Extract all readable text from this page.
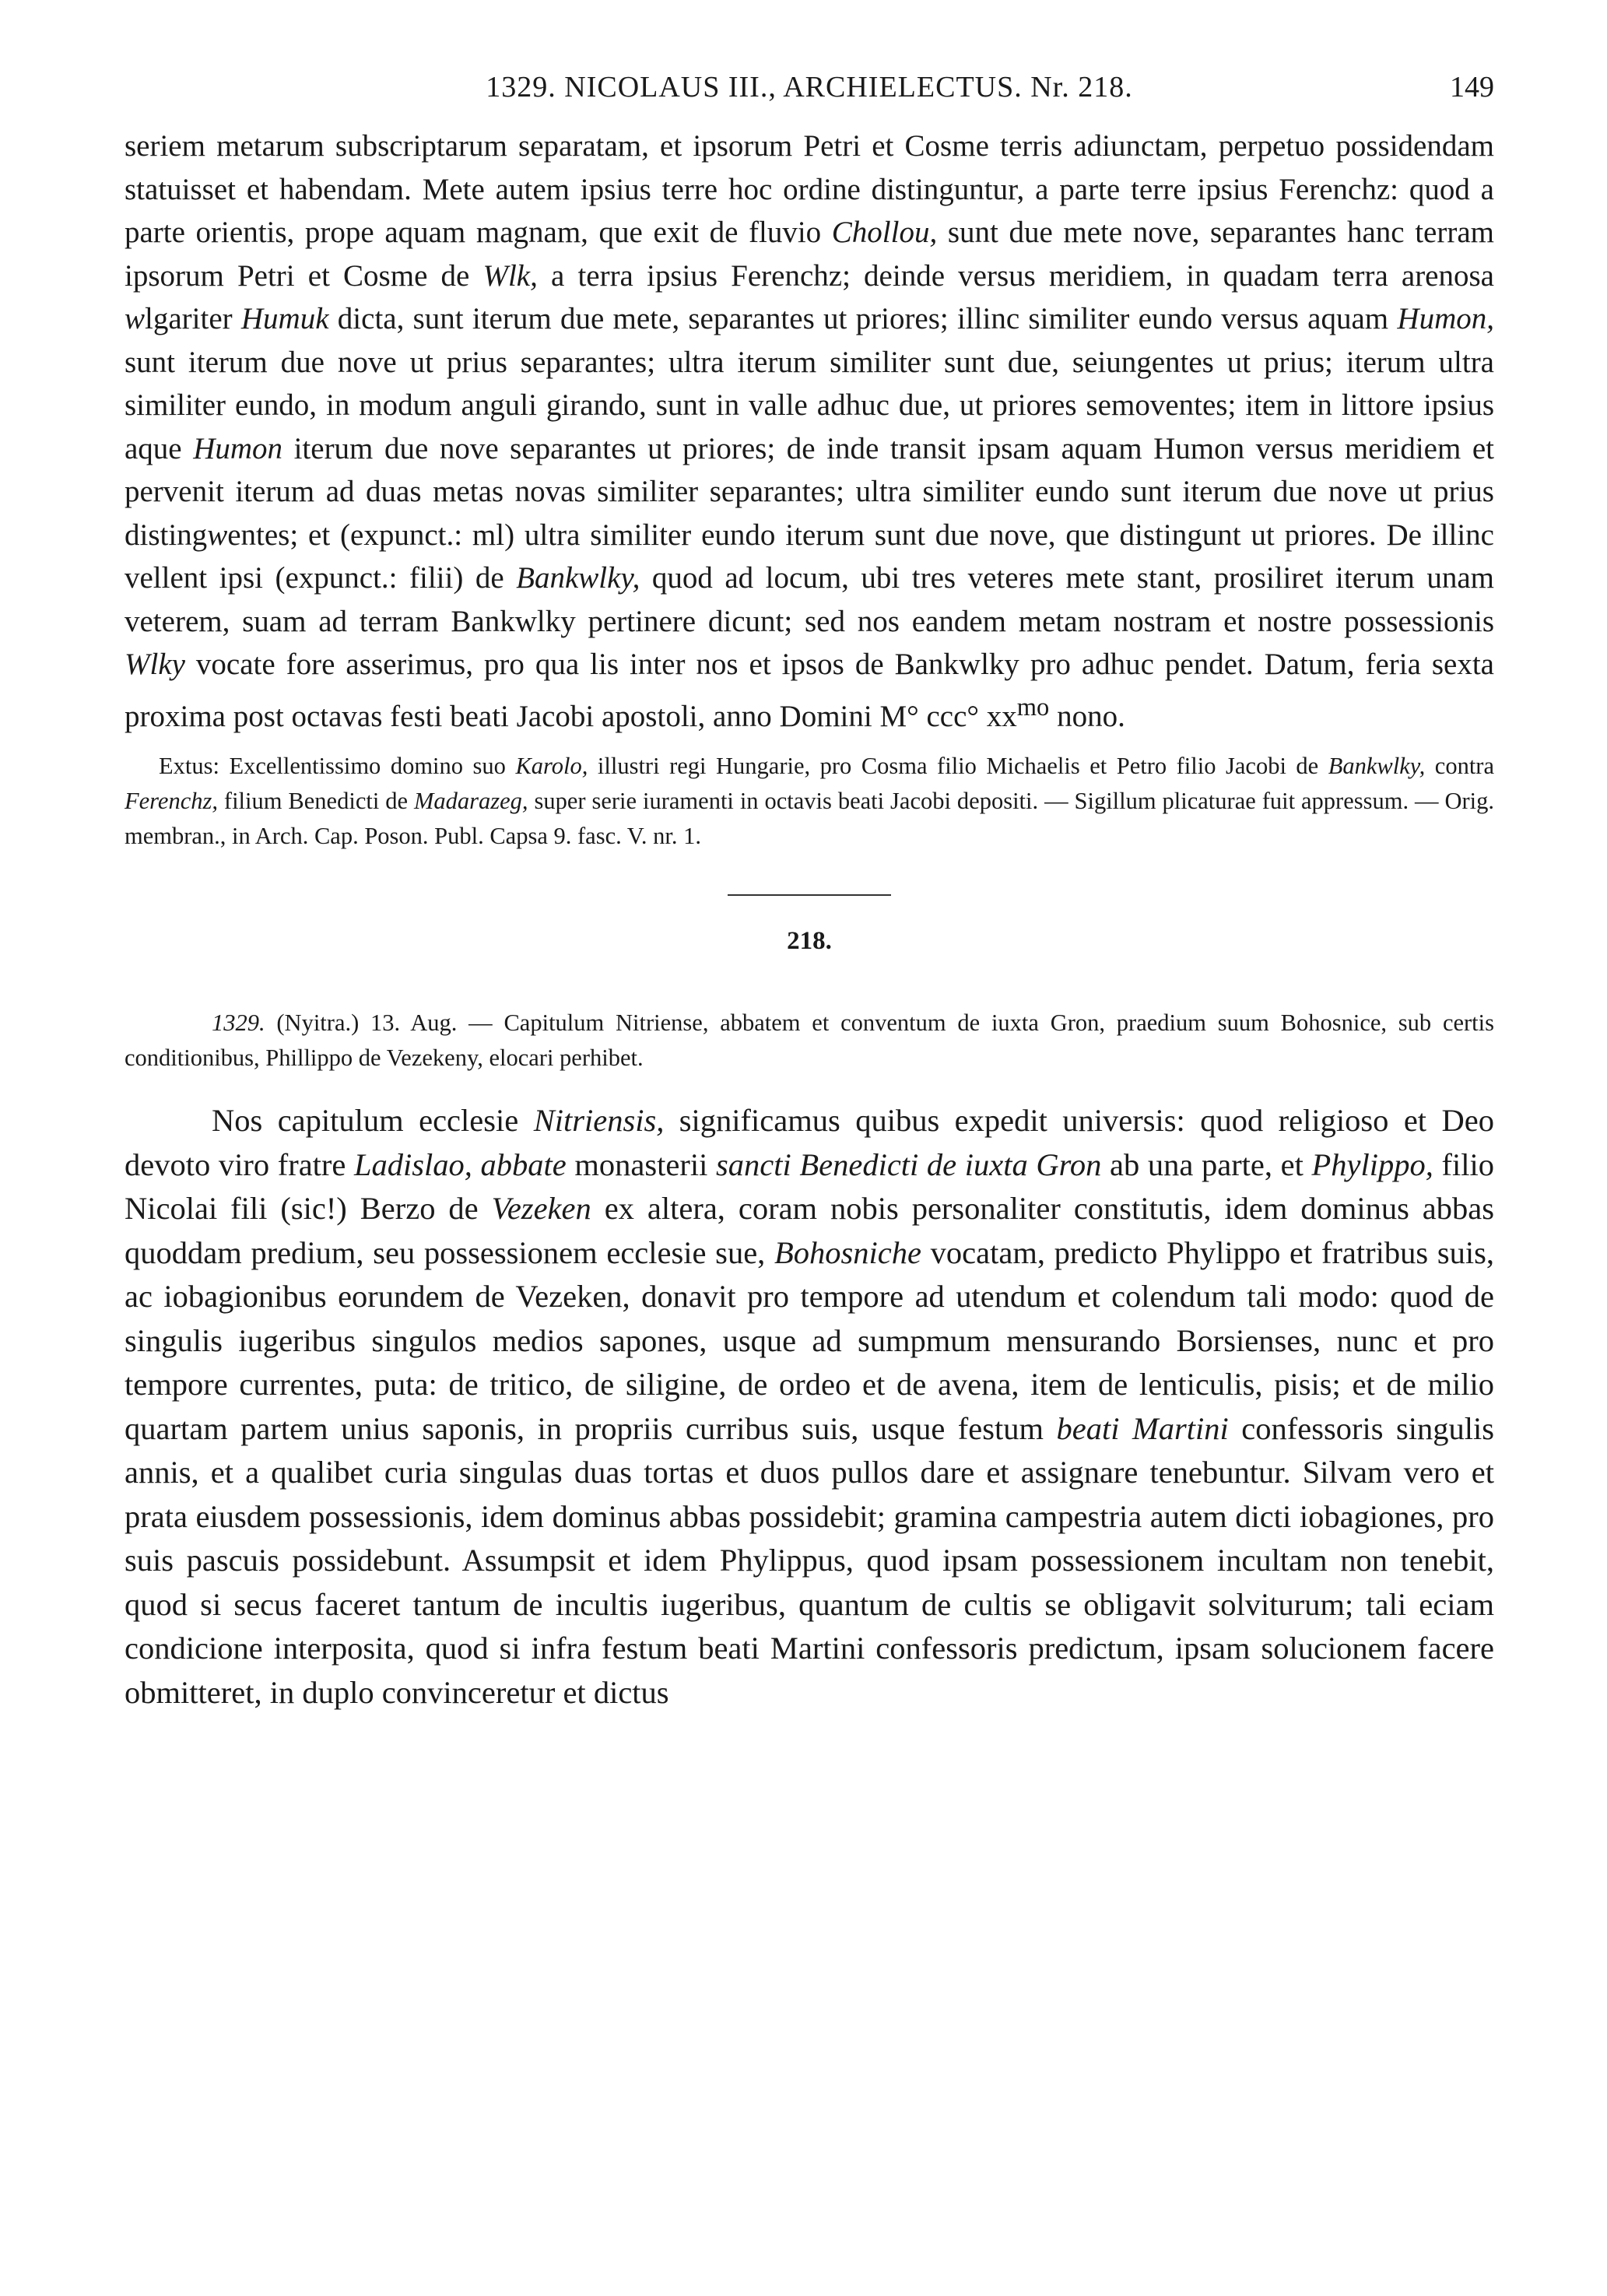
1329. NICOLAUS III., ARCHIELECTUS. Nr. 218.	149

seriem metarum subscriptarum separatam, et ipsorum Petri et Cosme terris adiunctam, perpetuo possidendam statuisset et habendam. Mete autem ipsius terre hoc ordine distinguntur, a parte terre ipsius Ferenchz: quod a parte orientis, prope aquam magnam, que exit de fluvio Chollou, sunt due mete nove, separantes hanc terram ipsorum Petri et Cosme de Wlk, a terra ipsius Ferenchz; deinde versus meridiem, in quadam terra arenosa wlgariter Humuk dicta, sunt iterum due mete, separantes ut priores; illinc similiter eundo versus aquam Humon, sunt iterum due nove ut prius separantes; ultra iterum similiter sunt due, seiungentes ut prius; iterum ultra similiter eundo, in modum anguli girando, sunt in valle adhuc due, ut priores semoventes; item in littore ipsius aque Humon iterum due nove separantes ut priores; de inde transit ipsam aquam Humon versus meridiem et pervenit iterum ad duas metas novas similiter separantes; ultra similiter eundo sunt iterum due nove ut prius distingwentes; et (expunct.: ml) ultra similiter eundo iterum sunt due nove, que distingunt ut priores. De illinc vellent ipsi (expunct.: filii) de Bankwlky, quod ad locum, ubi tres veteres mete stant, prosiliret iterum unam veterem, suam ad terram Bankwlky pertinere dicunt; sed nos eandem metam nostram et nostre possessionis Wlky vocate fore asserimus, pro qua lis inter nos et ipsos de Bankwlky pro adhuc pendet. Datum, feria sexta proxima post octavas festi beati Jacobi apostoli, anno Domini M° ccc° $xx^{mo}$ nono.

Extus: Excellentissimo domino suo Karolo, illustri regi Hungarie, pro Cosma filio Michaelis et Petro filio Jacobi de Bankwlky, contra Ferenchz, filium Benedicti de Madarazeg, super serie iuramenti in octavis beati Jacobi depositi. — Sigillum plicaturae fuit appressum. — Orig. membran., in Arch. Cap. Poson. Publ. Capsa 9. fasc. V. nr. 1.

218.

1329. (Nyitra.) 13. Aug. — Capitulum Nitriense, abbatem et conventum de iuxta Gron, praedium suum Bohosnice, sub certis conditionibus, Phillippo de Vezekeny, elocari perhibet.

Nos capitulum ecclesie Nitriensis, significamus quibus expedit universis: quod religioso et Deo devoto viro fratre Ladislao, abbate monasterii sancti Benedicti de iuxta Gron ab una parte, et Phylippo, filio Nicolai fili (sic!) Berzo de Vezeken ex altera, coram nobis personaliter constitutis, idem dominus abbas quoddam predium, seu possessionem ecclesie sue, Bohosniche vocatam, predicto Phylippo et fratribus suis, ac iobagionibus eorundem de Vezeken, donavit pro tempore ad utendum et colendum tali modo: quod de singulis iugeribus singulos medios sapones, usque ad sumpmum mensurando Borsienses, nunc et pro tempore currentes, puta: de tritico, de siligine, de ordeo et de avena, item de lenticulis, pisis; et de milio quartam partem unius saponis, in propriis curribus suis, usque festum beati Martini confessoris singulis annis, et a qualibet curia singulas duas tortas et duos pullos dare et assignare tenebuntur. Silvam vero et prata eiusdem possessionis, idem dominus abbas possidebit; gramina campestria autem dicti iobagiones, pro suis pascuis possidebunt. Assumpsit et idem Phylippus, quod ipsam possessionem incultam non tenebit, quod si secus faceret tantum de incultis iugeribus, quantum de cultis se obligavit solviturum; tali eciam condicione interposita, quod si infra festum beati Martini confessoris predictum, ipsam solucionem facere obmitteret, in duplo convinceretur et dictus
